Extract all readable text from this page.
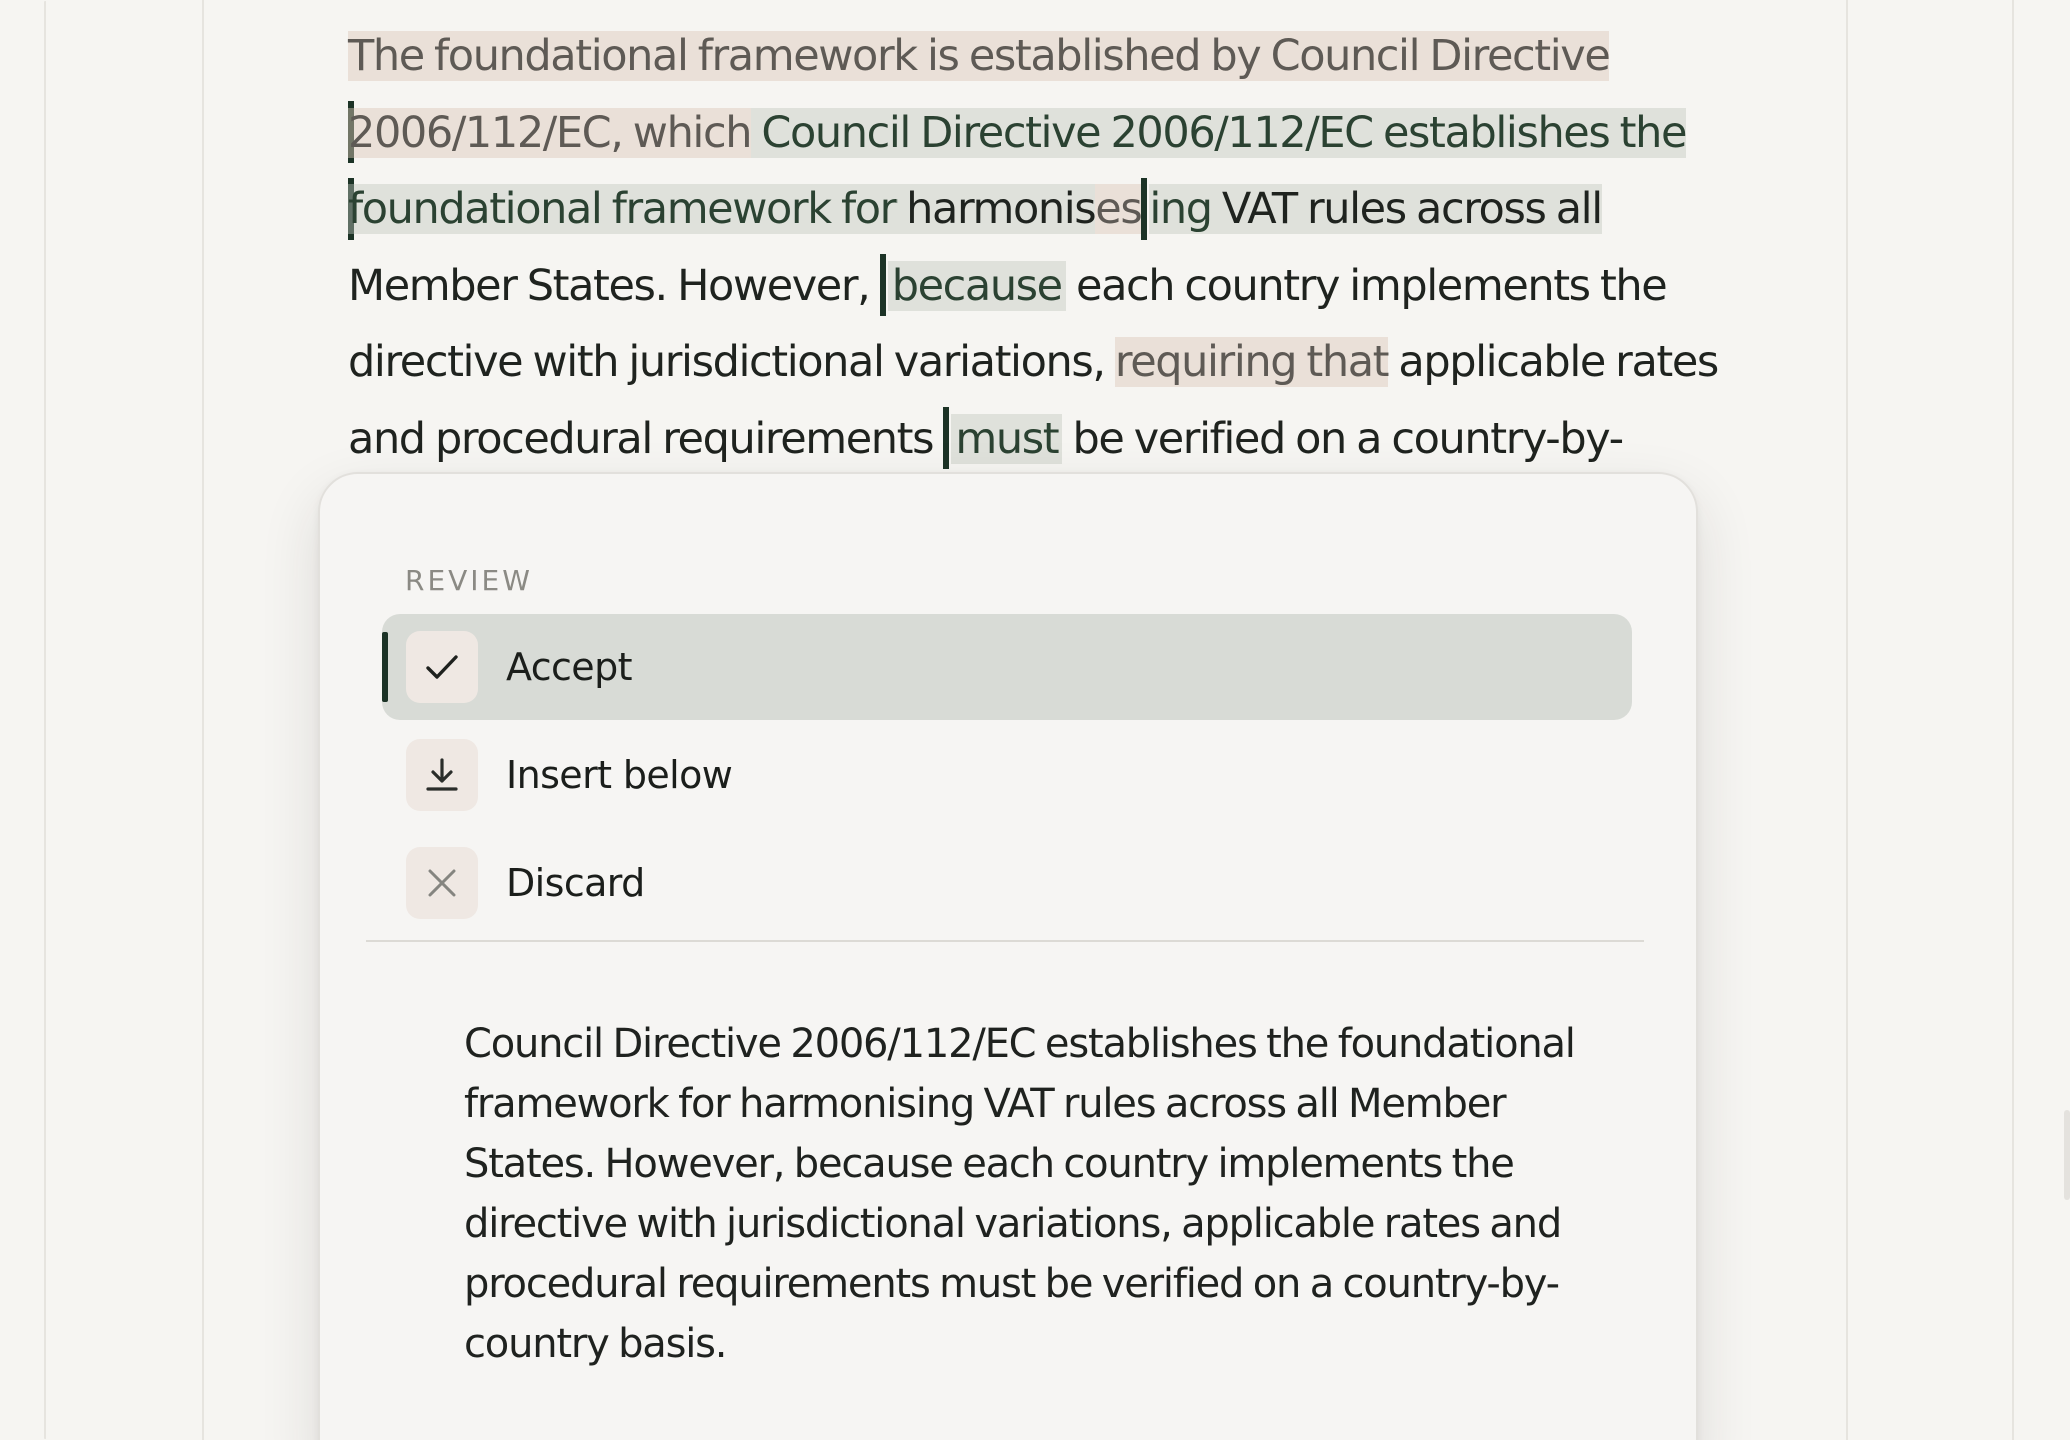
The foundational framework is established by Council Directive
2006/112/EC, which Council Directive 2006/112/EC establishes the
foundational framework for harmonises ing VAT rules across all
Member States. However, because each country implements the
directive with jurisdictional variations, requiring that applicable rates
and procedural requirements must be verified on a country-by-
REVIEW
Accept
Insert below
Discard
Council Directive 2006/112/EC establishes the foundational
framework for harmonising VAT rules across all Member
States. However, because each country implements the
directive with jurisdictional variations, applicable rates and
procedural requirements must be verified on a country-by-
country basis.
